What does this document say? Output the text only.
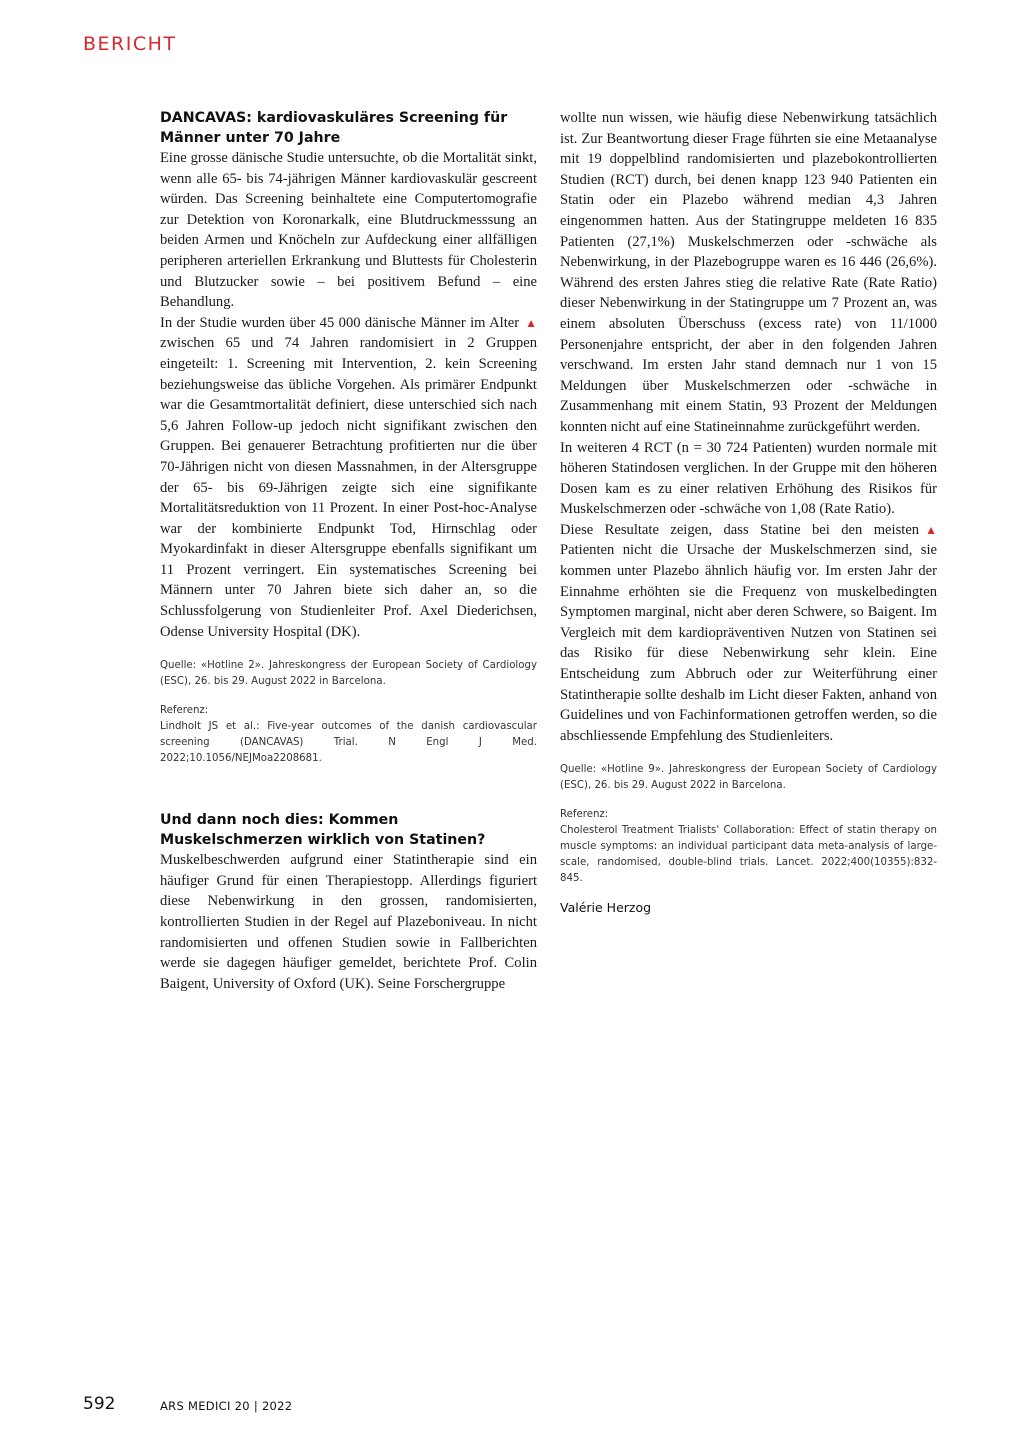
BERICHT
DANCAVAS: kardiovaskuläres Screening für Männer unter 70 Jahre

Eine grosse dänische Studie untersuchte, ob die Mortalität sinkt, wenn alle 65- bis 74-jährigen Männer kardiovaskulär gescreent würden. Das Screening beinhaltete eine Computertomografie zur Detektion von Koronarkalk, eine Blutdruckmesssung an beiden Armen und Knöcheln zur Aufdeckung einer allfälligen peripheren arteriellen Erkrankung und Bluttests für Cholesterin und Blutzucker sowie – bei positivem Befund – eine Behandlung.

▲
In der Studie wurden über 45 000 dänische Männer im Alter zwischen 65 und 74 Jahren randomisiert in 2 Gruppen eingeteilt: 1. Screening mit Intervention, 2. kein Screening beziehungsweise das übliche Vorgehen. Als primärer Endpunkt war die Gesamtmortalität definiert, diese unterschied sich nach 5,6 Jahren Follow-up jedoch nicht signifikant zwischen den Gruppen. Bei genauerer Betrachtung profitierten nur die über 70-Jährigen nicht von diesen Massnahmen, in der Altersgruppe der 65- bis 69-Jährigen zeigte sich eine signifikante Mortalitätsreduktion von 11 Prozent. In einer Post-hoc-Analyse war der kombinierte Endpunkt Tod, Hirnschlag oder Myokardinfakt in dieser Altersgruppe ebenfalls signifikant um 11 Prozent verringert. Ein systematisches Screening bei Männern unter 70 Jahren biete sich daher an, so die Schlussfolgerung von Studienleiter Prof. Axel Diederichsen, Odense University Hospital (DK).

Quelle: «Hotline 2». Jahreskongress der European Society of Cardiology (ESC), 26. bis 29. August 2022 in Barcelona.

Referenz:

Lindholt JS et al.: Five-year outcomes of the danish cardiovascular screening (DANCAVAS) Trial. N Engl J Med. 2022;10.1056/NEJMoa2208681.

Und dann noch dies: Kommen Muskelschmerzen wirklich von Statinen?

Muskelbeschwerden aufgrund einer Statintherapie sind ein häufiger Grund für einen Therapiestopp. Allerdings figuriert diese Nebenwirkung in den grossen, randomisierten, kontrollierten Studien in der Regel auf Plazeboniveau. In nicht randomisierten und offenen Studien sowie in Fallberichten werde sie dagegen häufiger gemeldet, berichtete Prof. Colin Baigent, University of Oxford (UK). Seine Forschergruppe

wollte nun wissen, wie häufig diese Nebenwirkung tatsächlich ist. Zur Beantwortung dieser Frage führten sie eine Metaanalyse mit 19 doppelblind randomisierten und plazebokontrollierten Studien (RCT) durch, bei denen knapp 123 940 Patienten ein Statin oder ein Plazebo während median 4,3 Jahren eingenommen hatten. Aus der Statingruppe meldeten 16 835 Patienten (27,1%) Muskelschmerzen oder -schwäche als Nebenwirkung, in der Plazebogruppe waren es 16 446 (26,6%). Während des ersten Jahres stieg die relative Rate (Rate Ratio) dieser Nebenwirkung in der Statingruppe um 7 Prozent an, was einem absoluten Überschuss (excess rate) von 11/1000 Personenjahre entspricht, der aber in den folgenden Jahren verschwand. Im ersten Jahr stand demnach nur 1 von 15 Meldungen über Muskelschmerzen oder -schwäche in Zusammenhang mit einem Statin, 93 Prozent der Meldungen konnten nicht auf eine Statineinnahme zurückgeführt werden.

In weiteren 4 RCT (n = 30 724 Patienten) wurden normale mit höheren Statindosen verglichen. In der Gruppe mit den höheren Dosen kam es zu einer relativen Erhöhung des Risikos für Muskelschmerzen oder -schwäche von 1,08 (Rate Ratio).

▲
Diese Resultate zeigen, dass Statine bei den meisten Patienten nicht die Ursache der Muskelschmerzen sind, sie kommen unter Plazebo ähnlich häufig vor. Im ersten Jahr der Einnahme erhöhten sie die Frequenz von muskelbedingten Symptomen marginal, nicht aber deren Schwere, so Baigent. Im Vergleich mit dem kardiopräventiven Nutzen von Statinen sei das Risiko für diese Nebenwirkung sehr klein. Eine Entscheidung zum Abbruch oder zur Weiterführung einer Statintherapie sollte deshalb im Licht dieser Fakten, anhand von Guidelines und von Fachinformationen getroffen werden, so die abschliessende Empfehlung des Studienleiters.

Quelle: «Hotline 9». Jahreskongress der European Society of Cardiology (ESC), 26. bis 29. August 2022 in Barcelona.

Referenz:

Cholesterol Treatment Trialists' Collaboration: Effect of statin therapy on muscle symptoms: an individual participant data meta-analysis of large-scale, randomised, double-blind trials. Lancet. 2022;400(10355):832-845.

Valérie Herzog

592	ARS MEDICI 20 | 2022
